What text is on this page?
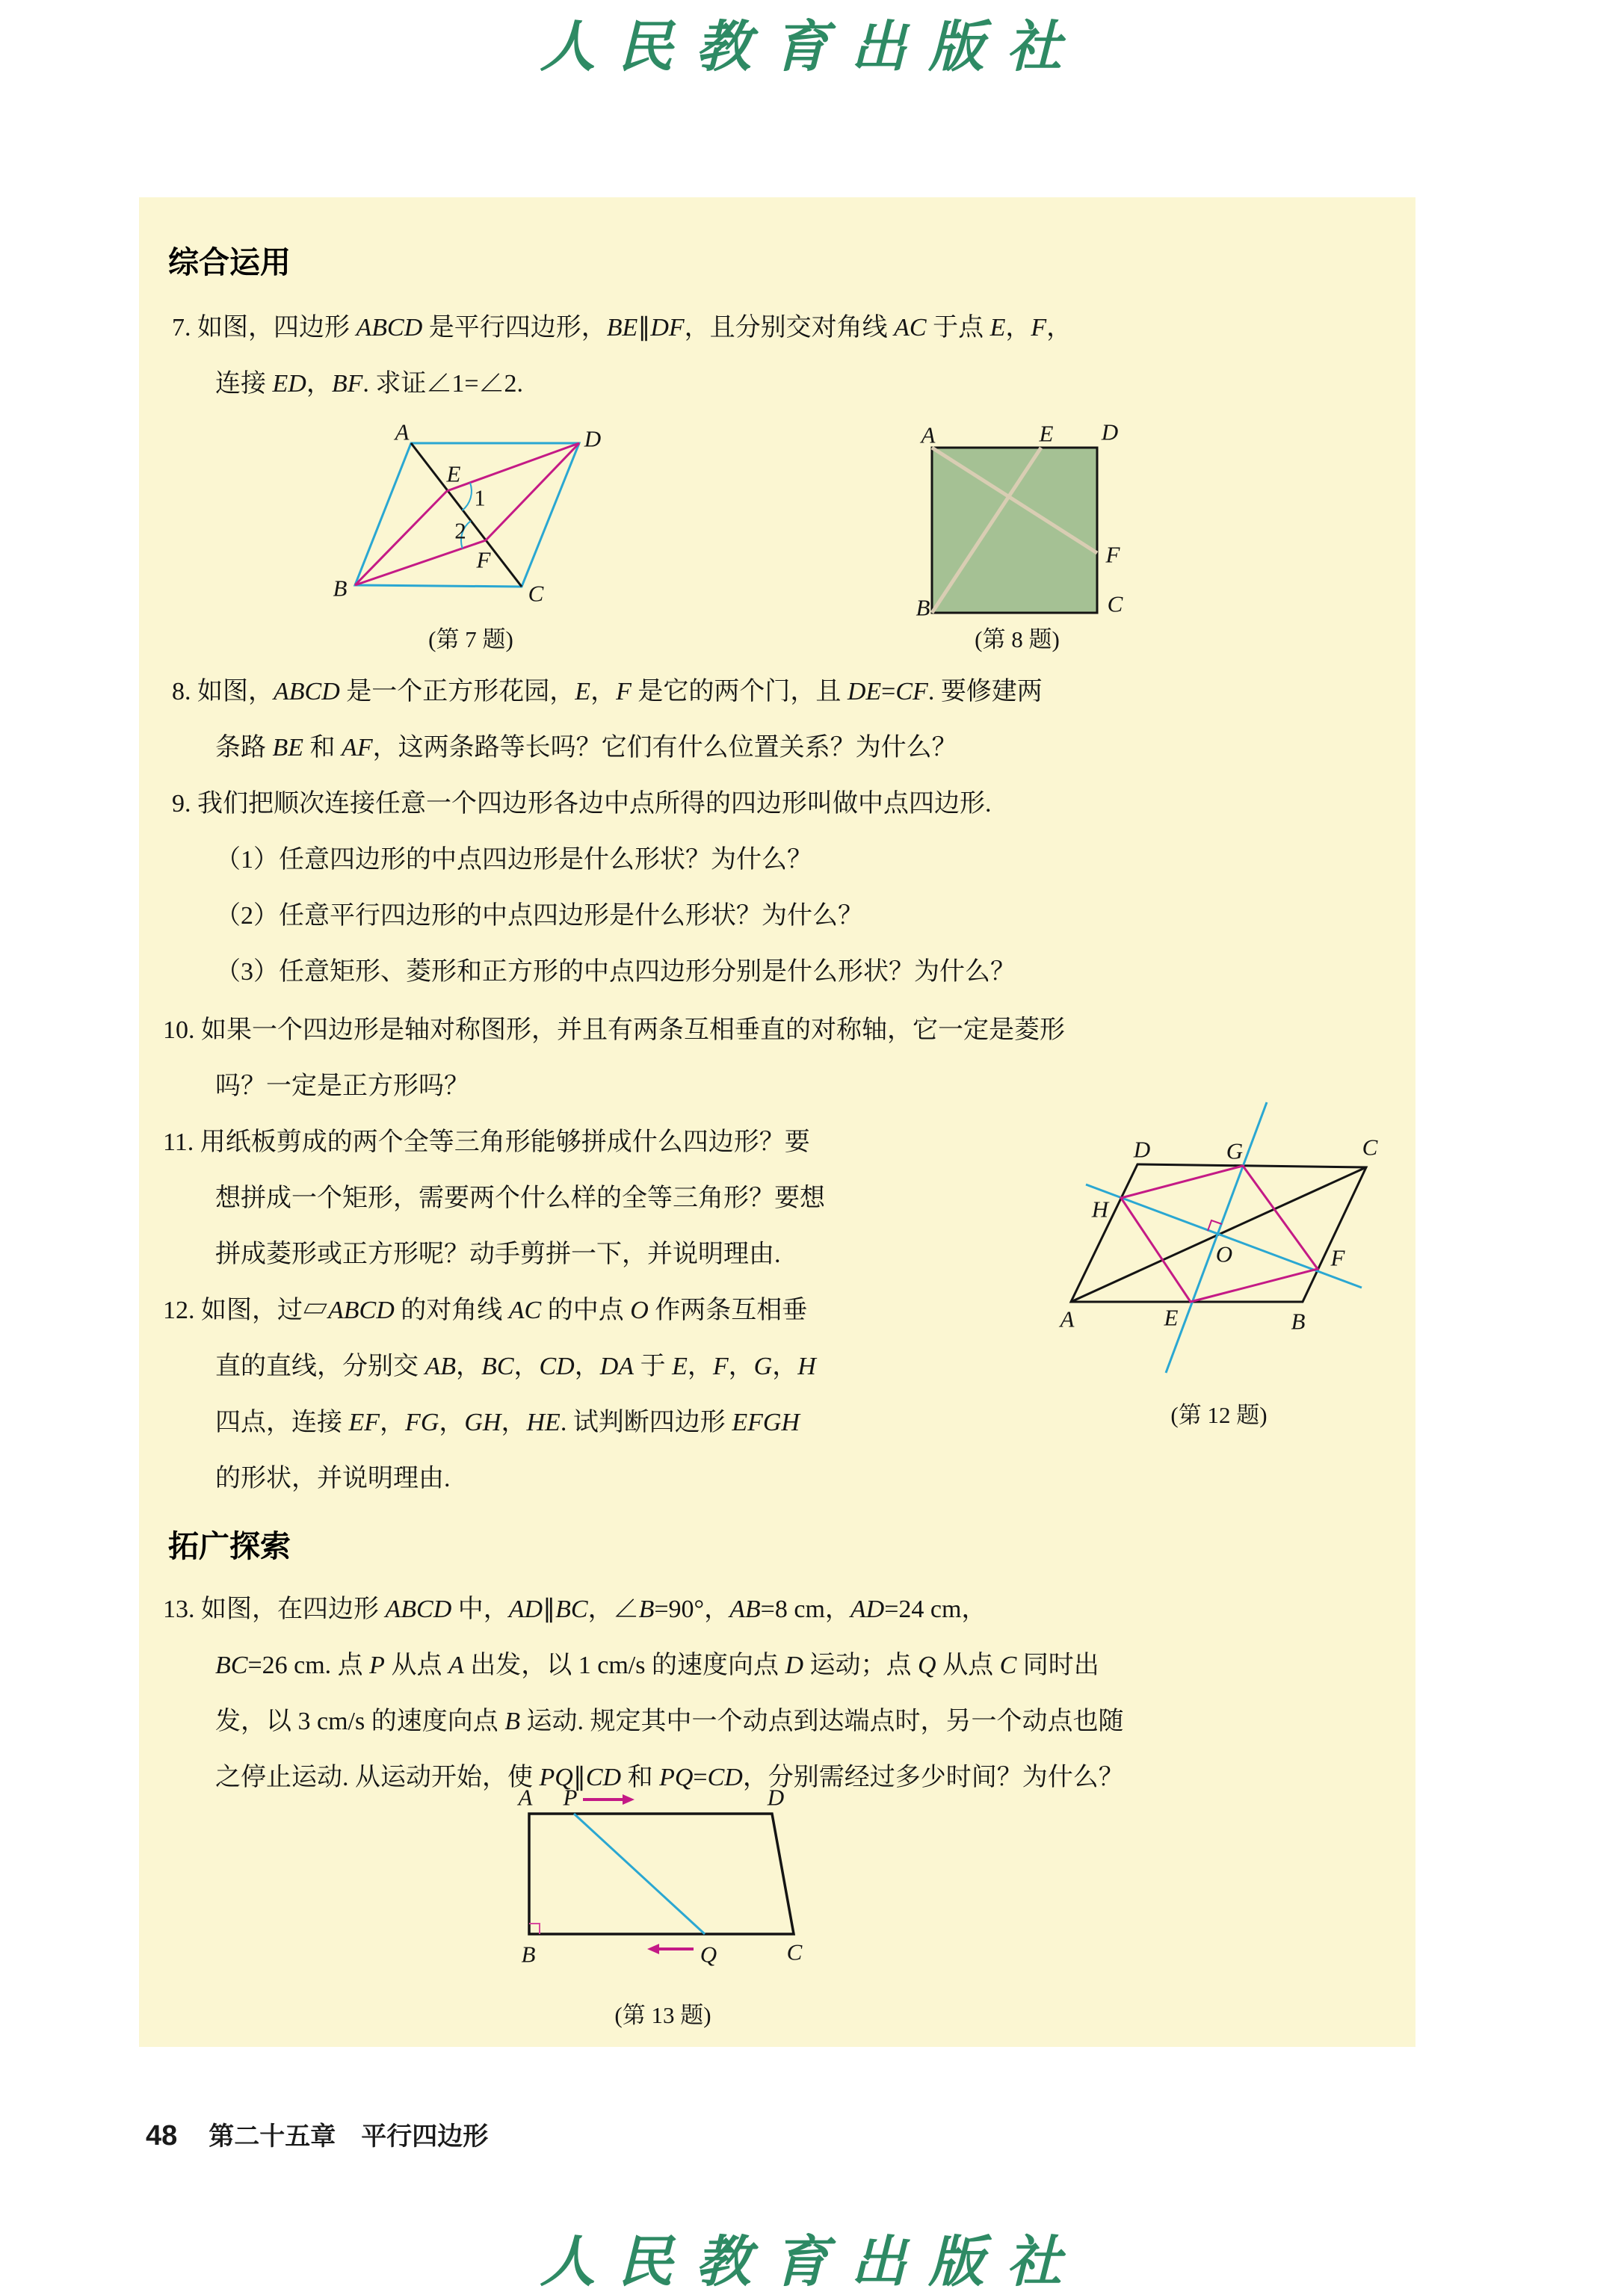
人民教育出版社
综合运用
7. 如图，四边形 ABCD 是平行四边形，BE∥DF，且分别交对角线 AC 于点 E，F，
连接 ED，BF. 求证∠1=∠2.
A	D
B	C
E
F
1
2
(第 7 题)
A	E D
F
B	C
(第 8 题)
8. 如图，ABCD 是一个正方形花园，E，F 是它的两个门，且 DE=CF. 要修建两
条路 BE 和 AF，这两条路等长吗？它们有什么位置关系？为什么？
9. 我们把顺次连接任意一个四边形各边中点所得的四边形叫做中点四边形.
（1）任意四边形的中点四边形是什么形状？为什么？
（2）任意平行四边形的中点四边形是什么形状？为什么？
（3）任意矩形、菱形和正方形的中点四边形分别是什么形状？为什么？
10. 如果一个四边形是轴对称图形，并且有两条互相垂直的对称轴，它一定是菱形
吗？一定是正方形吗？
11. 用纸板剪成的两个全等三角形能够拼成什么四边形？要
想拼成一个矩形，需要两个什么样的全等三角形？要想
拼成菱形或正方形呢？动手剪拼一下，并说明理由.
12. 如图，过▱ABCD 的对角线 AC 的中点 O 作两条互相垂
直的直线，分别交 AB，BC，CD，DA 于 E，F，G，H
四点，连接 EF，FG，GH，HE. 试判断四边形 EFGH
的形状，并说明理由.
D	G	C
H
O	F
A	E	B
(第 12 题)
拓广探索
13. 如图，在四边形 ABCD 中，AD∥BC，∠B=90°，AB=8 cm，AD=24 cm，
BC=26 cm. 点 P 从点 A 出发，以 1 cm/s 的速度向点 D 运动；点 Q 从点 C 同时出
发，以 3 cm/s 的速度向点 B 运动. 规定其中一个动点到达端点时，另一个动点也随
之停止运动. 从运动开始，使 PQ∥CD 和 PQ=CD，分别需经过多少时间？为什么？
A P	D
B	Q	C
(第 13 题)
48 第二十五章 平行四边形
人民教育出版社
